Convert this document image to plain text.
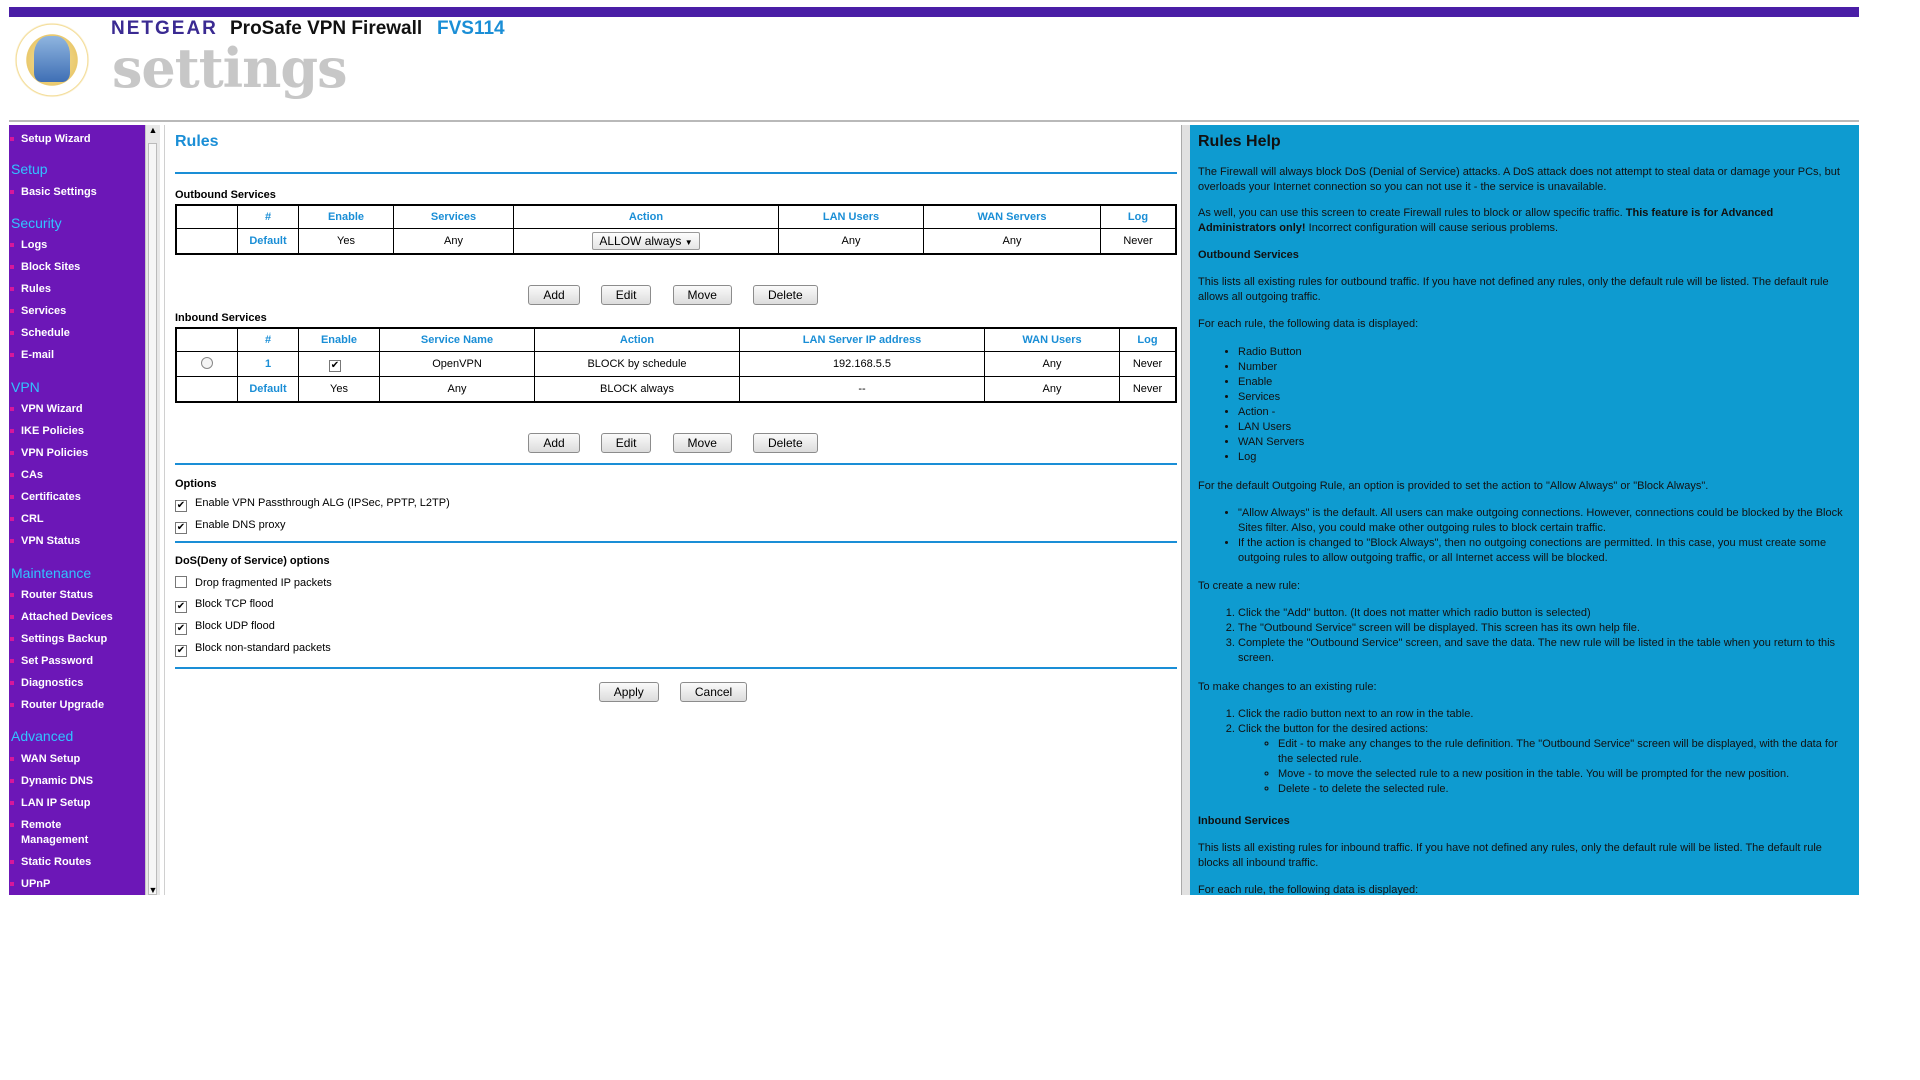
NETGEAR ProSafe VPN Firewall FVS114
settings
Setup Wizard
Setup
Basic Settings
Security
Logs
Block Sites
Rules
Services
Schedule
E-mail
VPN
VPN Wizard
IKE Policies
VPN Policies
CAs
Certificates
CRL
VPN Status
Maintenance
Router Status
Attached Devices
Settings Backup
Set Password
Diagnostics
Router Upgrade
Advanced
WAN Setup
Dynamic DNS
LAN IP Setup
Remote
Management
Static Routes
UPnP
▲
▼
Rules
Outbound Services
	#	Enable	Services	Action	LAN Users	WAN Servers	Log
	Default	Yes	Any	ALLOW always ▼	Any	Any	Never
Add	Edit	Move	Delete
Inbound Services
	#	Enable	Service Name	Action	LAN Server IP address	WAN Users	Log
	1	✔	OpenVPN	BLOCK by schedule	192.168.5.5	Any	Never
	Default	Yes	Any	BLOCK always	--	Any	Never
Add	Edit	Move	Delete
Options
✔ Enable VPN Passthrough ALG (IPSec, PPTP, L2TP)
✔ Enable DNS proxy
DoS(Deny of Service) options
Drop fragmented IP packets
✔ Block TCP flood
✔ Block UDP flood
✔ Block non-standard packets
Apply	Cancel
Rules Help
The Firewall will always block DoS (Denial of Service) attacks. A DoS attack does not attempt to steal data or damage your PCs, but overloads your Internet connection so you can not use it - the service is unavailable.
As well, you can use this screen to create Firewall rules to block or allow specific traffic. This feature is for Advanced Administrators only! Incorrect configuration will cause serious problems.
Outbound Services
This lists all existing rules for outbound traffic. If you have not defined any rules, only the default rule will be listed. The default rule allows all outgoing traffic.
For each rule, the following data is displayed:
• Radio Button
• Number
• Enable
• Services
• Action -
• LAN Users
• WAN Servers
• Log
For the default Outgoing Rule, an option is provided to set the action to "Allow Always" or "Block Always".
• "Allow Always" is the default. All users can make outgoing connections. However, connections could be blocked by the Block Sites filter. Also, you could make other outgoing rules to block certain traffic.
• If the action is changed to "Block Always", then no outgoing conections are permitted. In this case, you must create some outgoing rules to allow outgoing traffic, or all Internet access will be blocked.
To create a new rule:
1. Click the "Add" button. (It does not matter which radio button is selected)
2. The "Outbound Service" screen will be displayed. This screen has its own help file.
3. Complete the "Outbound Service" screen, and save the data. The new rule will be listed in the table when you return to this screen.
To make changes to an existing rule:
1. Click the radio button next to an row in the table.
2. Click the button for the desired actions:
◦ Edit - to make any changes to the rule definition. The "Outbound Service" screen will be displayed, with the data for the selected rule.
◦ Move - to move the selected rule to a new position in the table. You will be prompted for the new position.
◦ Delete - to delete the selected rule.
Inbound Services
This lists all existing rules for inbound traffic. If you have not defined any rules, only the default rule will be listed. The default rule blocks all inbound traffic.
For each rule, the following data is displayed:
